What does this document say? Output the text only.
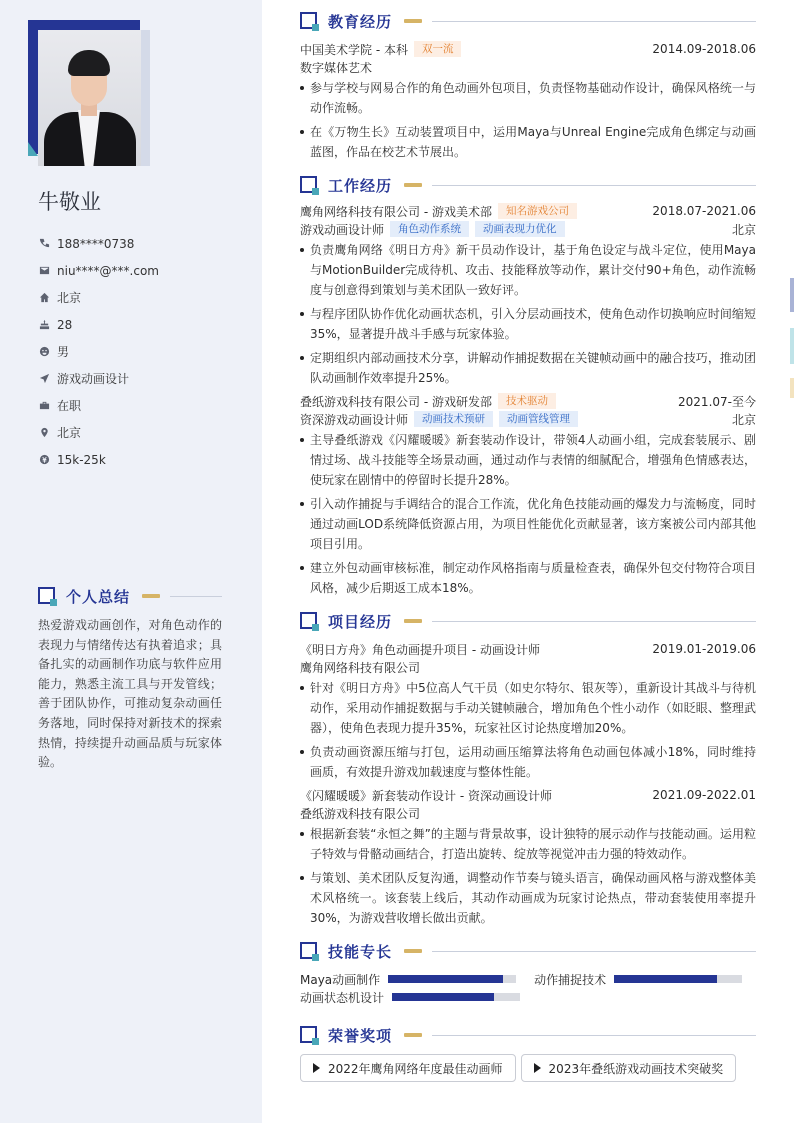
牛敬业
188****0738
niu****@***.com
北京
28
男
游戏动画设计
在职
北京
15k-25k
个人总结
热爱游戏动画创作，对角色动作的表现力与情绪传达有执着追求；具备扎实的动画制作功底与软件应用能力，熟悉主流工具与开发管线；善于团队协作，可推动复杂动画任务落地，同时保持对新技术的探索热情，持续提升动画品质与玩家体验。
教育经历
中国美术学院 - 本科	双一流	2014.09-2018.06
数字媒体艺术
参与学校与网易合作的角色动画外包项目，负责怪物基础动作设计，确保风格统一与动作流畅。
在《万物生长》互动装置项目中，运用Maya与Unreal Engine完成角色绑定与动画蓝图，作品在校艺术节展出。
工作经历
鹰角网络科技有限公司 - 游戏美术部	知名游戏公司	2018.07-2021.06
游戏动画设计师	角色动作系统	动画表现力优化	北京
负责鹰角网络《明日方舟》新干员动作设计，基于角色设定与战斗定位，使用Maya与MotionBuilder完成待机、攻击、技能释放等动作，累计交付90+角色，动作流畅度与创意得到策划与美术团队一致好评。
与程序团队协作优化动画状态机，引入分层动画技术，使角色动作切换响应时间缩短35%，显著提升战斗手感与玩家体验。
定期组织内部动画技术分享，讲解动作捕捉数据在关键帧动画中的融合技巧，推动团队动画制作效率提升25%。
叠纸游戏科技有限公司 - 游戏研发部	技术驱动	2021.07-至今
资深游戏动画设计师	动画技术预研	动画管线管理	北京
主导叠纸游戏《闪耀暖暖》新套装动作设计，带领4人动画小组，完成套装展示、剧情过场、战斗技能等全场景动画，通过动作与表情的细腻配合，增强角色情感表达，使玩家在剧情中的停留时长提升28%。
引入动作捕捉与手调结合的混合工作流，优化角色技能动画的爆发力与流畅度，同时通过动画LOD系统降低资源占用，为项目性能优化贡献显著，该方案被公司内部其他项目引用。
建立外包动画审核标准，制定动作风格指南与质量检查表，确保外包交付物符合项目风格，减少后期返工成本18%。
项目经历
《明日方舟》角色动画提升项目 - 动画设计师	2019.01-2019.06
鹰角网络科技有限公司
针对《明日方舟》中5位高人气干员（如史尔特尔、银灰等），重新设计其战斗与待机动作，采用动作捕捉数据与手动关键帧融合，增加角色个性小动作（如眨眼、整理武器），使角色表现力提升35%，玩家社区讨论热度增加20%。
负责动画资源压缩与打包，运用动画压缩算法将角色动画包体减小18%，同时维持画质，有效提升游戏加载速度与整体性能。
《闪耀暖暖》新套装动作设计 - 资深动画设计师	2021.09-2022.01
叠纸游戏科技有限公司
根据新套装“永恒之舞”的主题与背景故事，设计独特的展示动作与技能动画。运用粒子特效与骨骼动画结合，打造出旋转、绽放等视觉冲击力强的特效动作。
与策划、美术团队反复沟通，调整动作节奏与镜头语言，确保动画风格与游戏整体美术风格统一。该套装上线后，其动作动画成为玩家讨论热点，带动套装使用率提升30%，为游戏营收增长做出贡献。
技能专长
Maya动画制作	动作捕捉技术
动画状态机设计
荣誉奖项
2022年鹰角网络年度最佳动画师	2023年叠纸游戏动画技术突破奖
